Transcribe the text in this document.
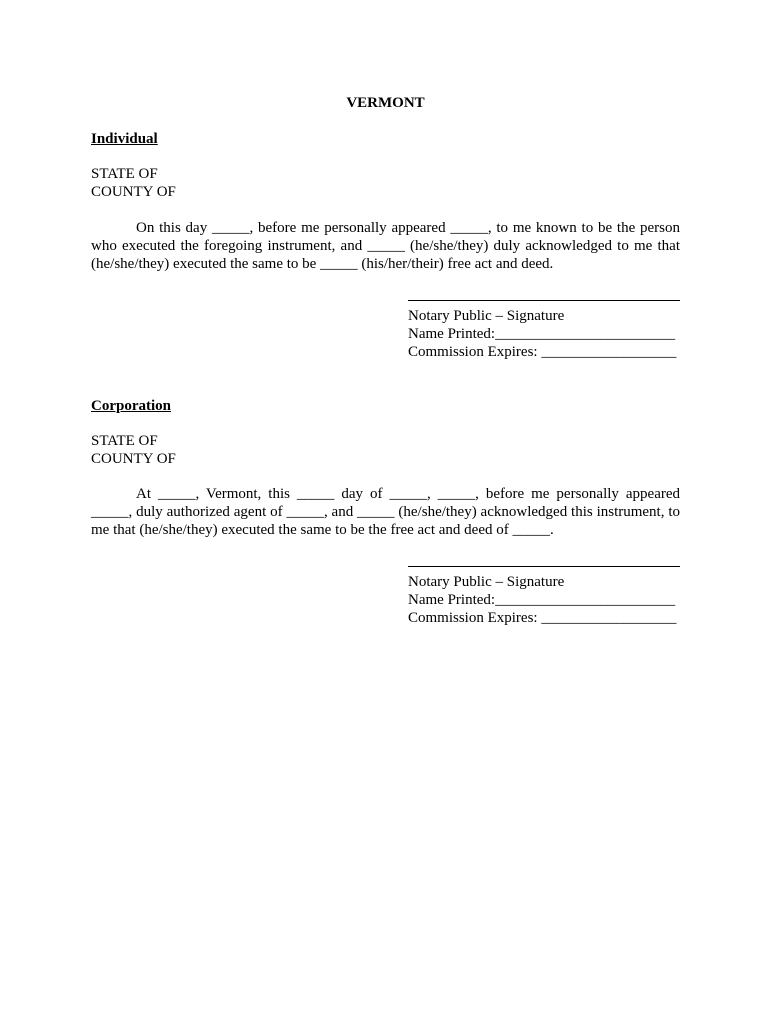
VERMONT
Individual
STATE OF
COUNTY OF
On this day _____, before me personally appeared _____, to me known to be the person who executed the foregoing instrument, and _____ (he/she/they) duly acknowledged to me that (he/she/they) executed the same to be _____ (his/her/their) free act and deed.
Notary Public – Signature
Name Printed:________________________
Commission Expires: __________________
Corporation
STATE OF
COUNTY OF
At _____, Vermont, this _____ day of _____, _____, before me personally appeared _____, duly authorized agent of _____, and _____ (he/she/they) acknowledged this instrument, to me that (he/she/they) executed the same to be the free act and deed of _____.
Notary Public – Signature
Name Printed:________________________
Commission Expires: __________________
